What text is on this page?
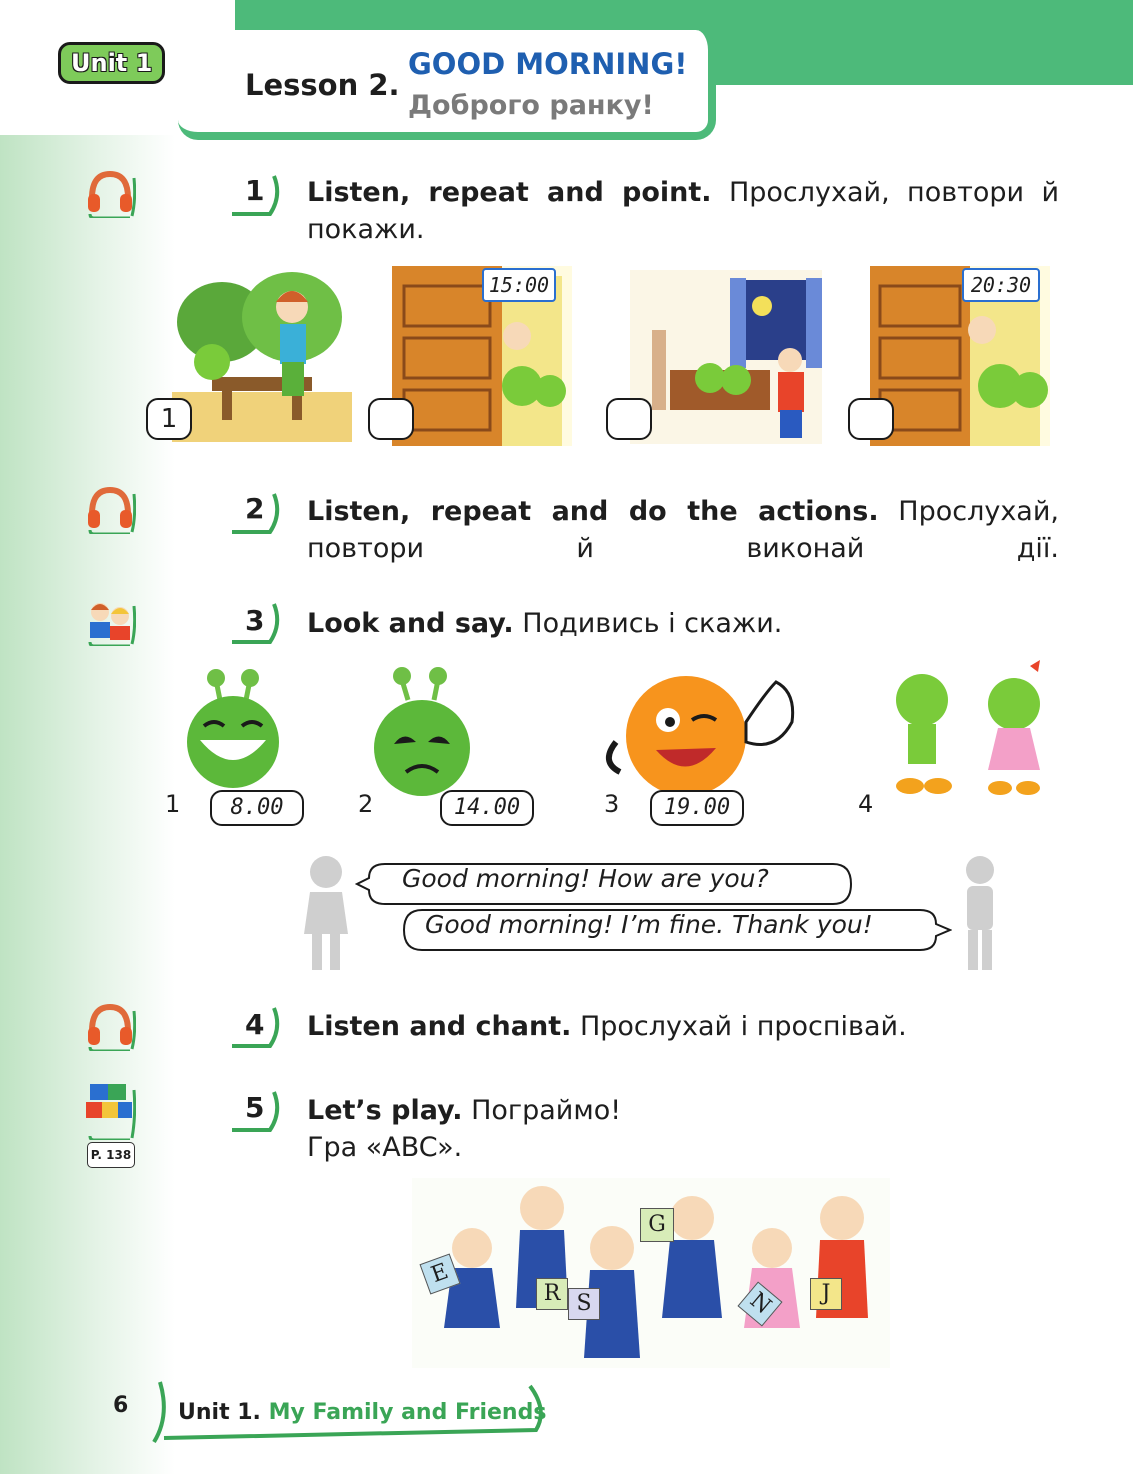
Unit 1
Lesson 2.
GOOD MORNING!
Доброго ранку!
1 Listen, repeat and point. Прослухай, повтори й покажи.
1
15:00	20:30
2 Listen, repeat and do the actions. Прослухай, повтори й виконай дії.
3 Look and say. Подивись і скажи.
1	8.00	2	14.00	3	19.00	4
Good morning! How are you?
Good morning! I’m fine. Thank you!
4 Listen and chant. Прослухай і проспівай.
P. 138
5 Let’s play. Пограймо!
Гра «ABC».
E
R S
G
N	J
6 Unit 1. My Family and Friends
